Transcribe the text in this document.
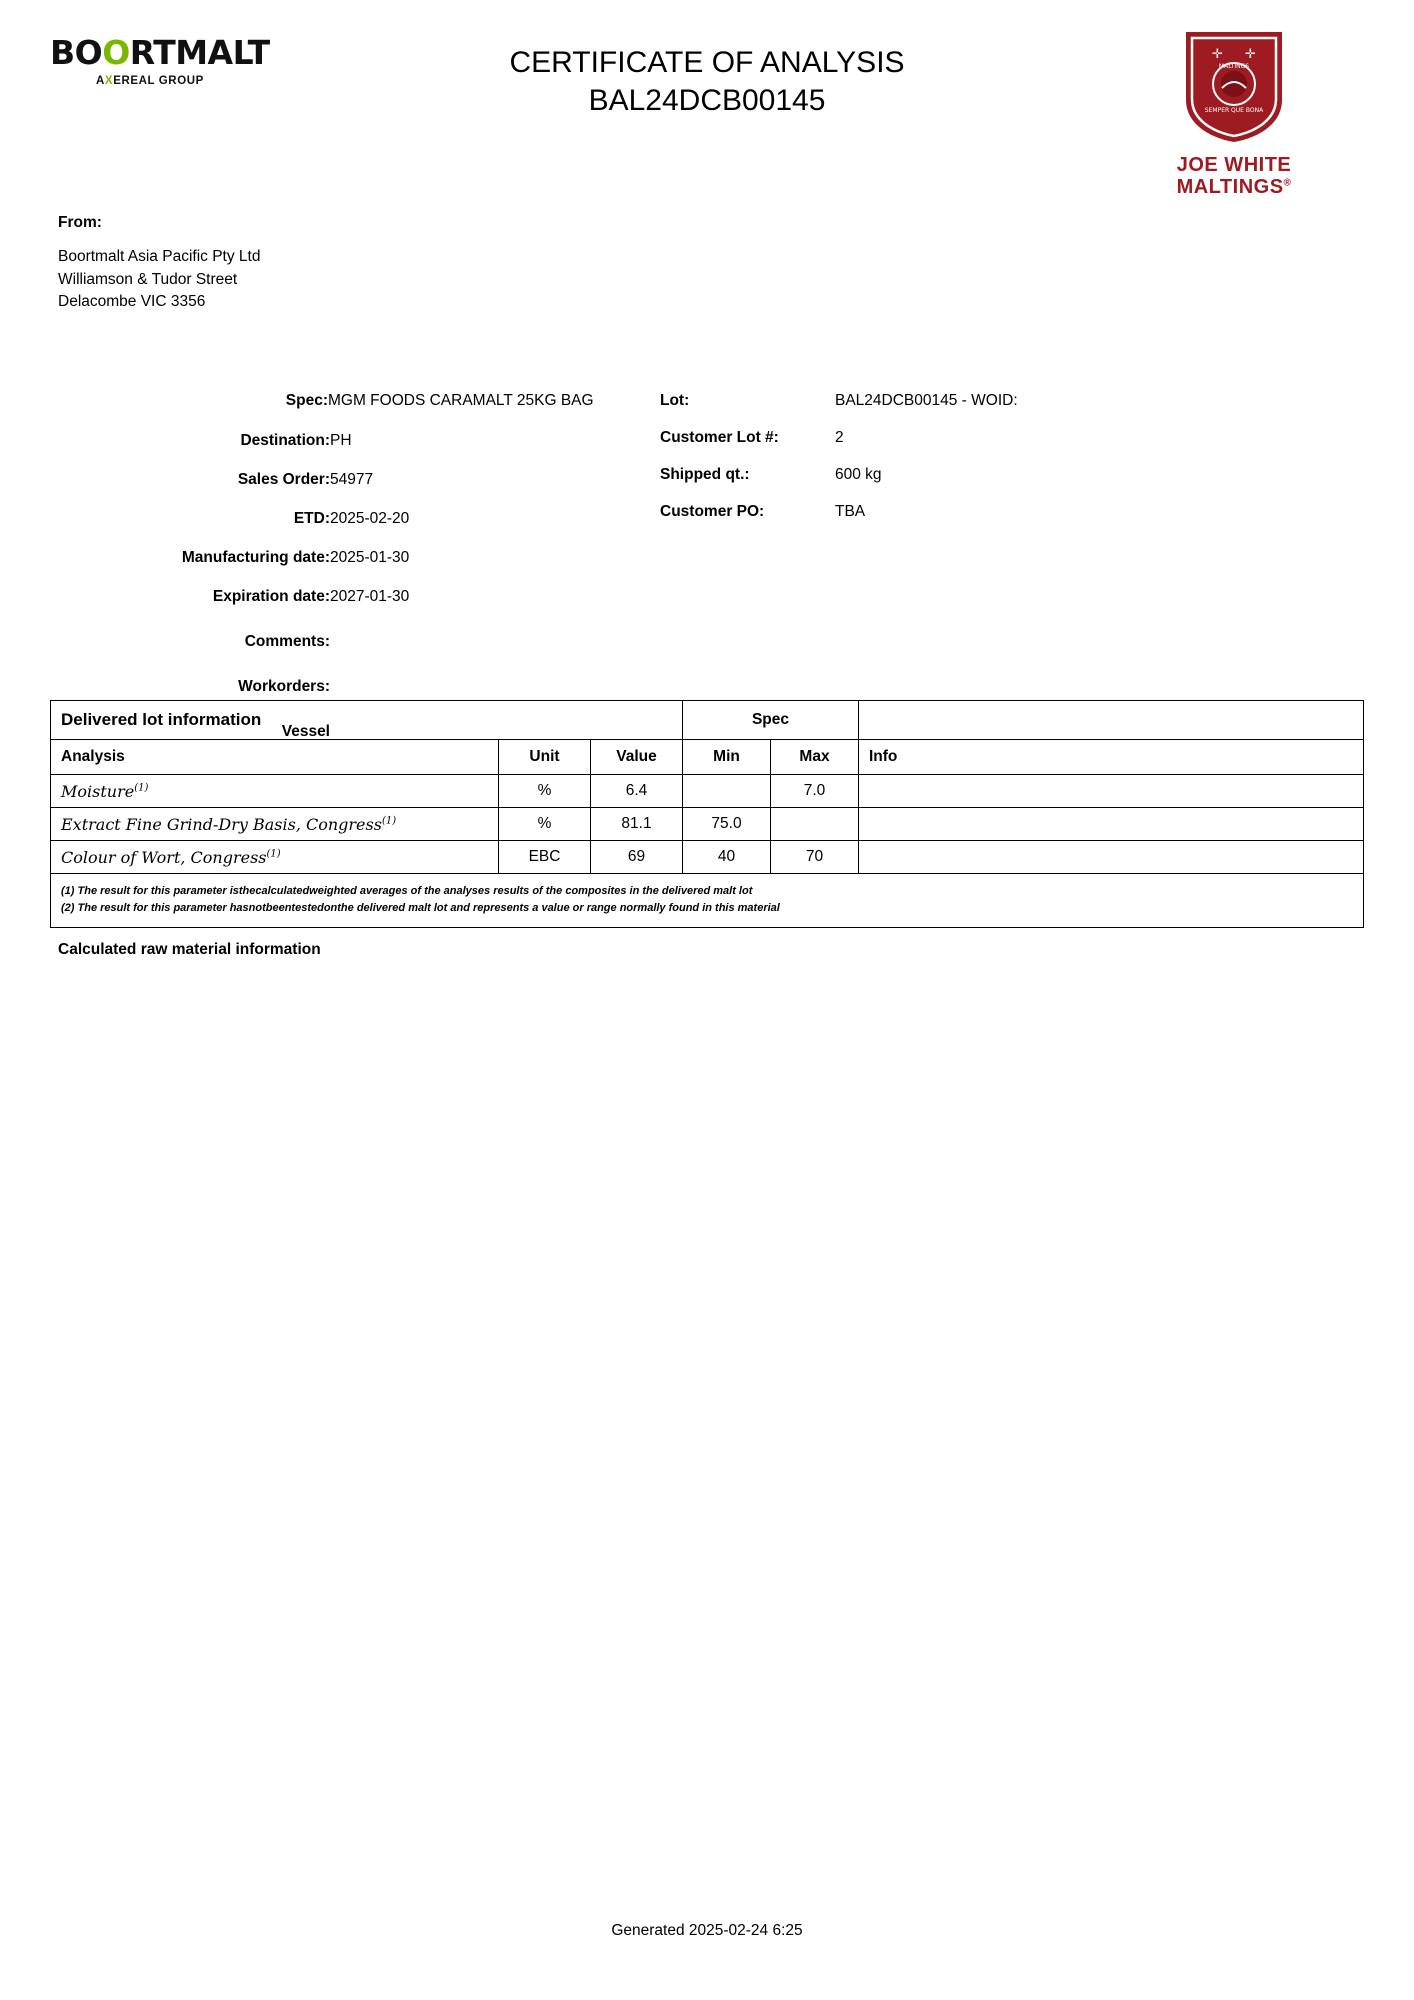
BOORTMALT
AXEREAL GROUP
CERTIFICATE OF ANALYSIS
BAL24DCB00145
✛ ✛
MALTINGS
SEMPER QUE BONA
JOE WHITE
MALTINGS®
From:
Boortmalt Asia Pacific Pty Ltd
Williamson & Tudor Street
Delacombe VIC 3356
Spec: MGM FOODS CARAMALT 25KG BAG
Destination: PH
Sales Order: 54977
ETD: 2025-02-20
Manufacturing date: 2025-01-30
Expiration date: 2027-01-30
Comments:
Workorders:
Vessel
Lot:	BAL24DCB00145 - WOID:
Customer Lot #:	2
Shipped qt.:	600 kg
Customer PO:	TBA
Delivered lot information			Spec		

Analysis	Unit	Value	Min	Max	Info

Moisture$^{(1)}$	%	6.4		7.0	

Extract Fine Grind-Dry Basis, Congress$^{(1)}$	%	81.1	75.0		

Colour of Wort, Congress$^{(1)}$	EBC	69	40	70	

(1) The result for this parameter isthecalculatedweighted averages of the analyses results of the composites in the delivered malt lot
(2) The result for this parameter hasnotbeentestedonthe delivered malt lot and represents a value or range normally found in this material					
Calculated raw material information
Generated 2025-02-24 6:25
